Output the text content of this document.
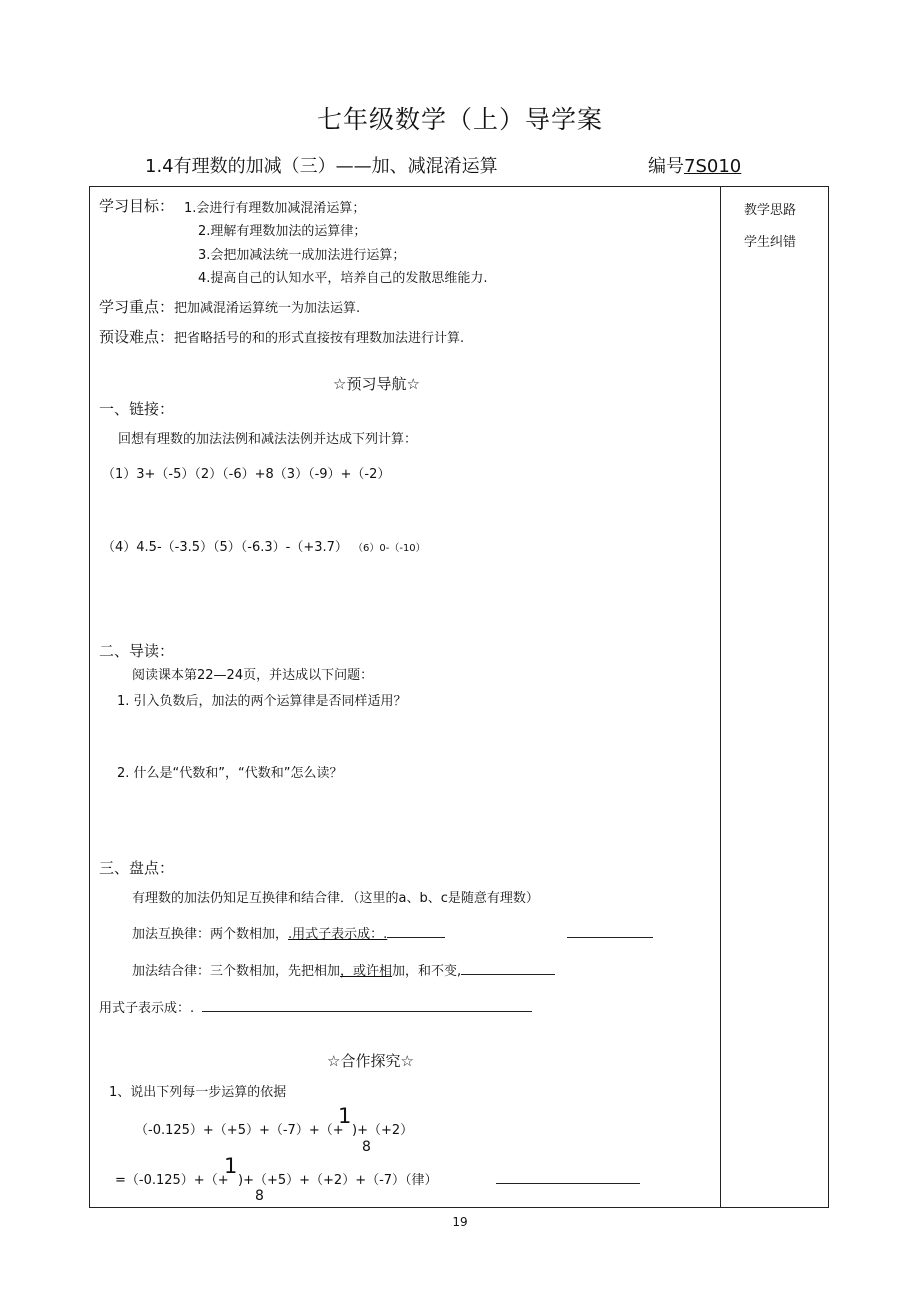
七年级数学（上）导学案
1.4有理数的加减（三）——加、减混淆运算	编号7S010
教学思路
学生纠错
学习目标： 1.会进行有理数加减混淆运算；
2.理解有理数加法的运算律；
3.会把加减法统一成加法进行运算；
4.提高自己的认知水平，培养自己的发散思维能力.
学习重点：把加减混淆运算统一为加法运算.
预设难点：把省略括号的和的形式直接按有理数加法进行计算.
☆预习导航☆
一、链接：
回想有理数的加法法例和减法法例并达成下列计算：
（1）3+（-5）（2）（-6）+8（3）（-9）+（-2）
（4）4.5-（-3.5）（5）（-6.3）-（+3.7） （6）0-（-10）
二、导读：
阅读课本第22—24页，并达成以下问题：
1. 引入负数后，加法的两个运算律是否同样适用？
2. 什么是“代数和”，“代数和”怎么读？
三、盘点：
有理数的加法仍知足互换律和结合律．（这里的a、b、c是随意有理数）
加法互换律：两个数相加，.用式子表示成：.
加法结合律：三个数相加，先把相加，或许相加，和不变,
用式子表示成：.
☆合作探究☆
1、说出下列每一步运算的依据
（-0.125）+（+5）+（-7）+（+
1
8
)+（+2）
=（-0.125）+（+
1
8
)+（+5）+（+2）+（-7）（律）
19
